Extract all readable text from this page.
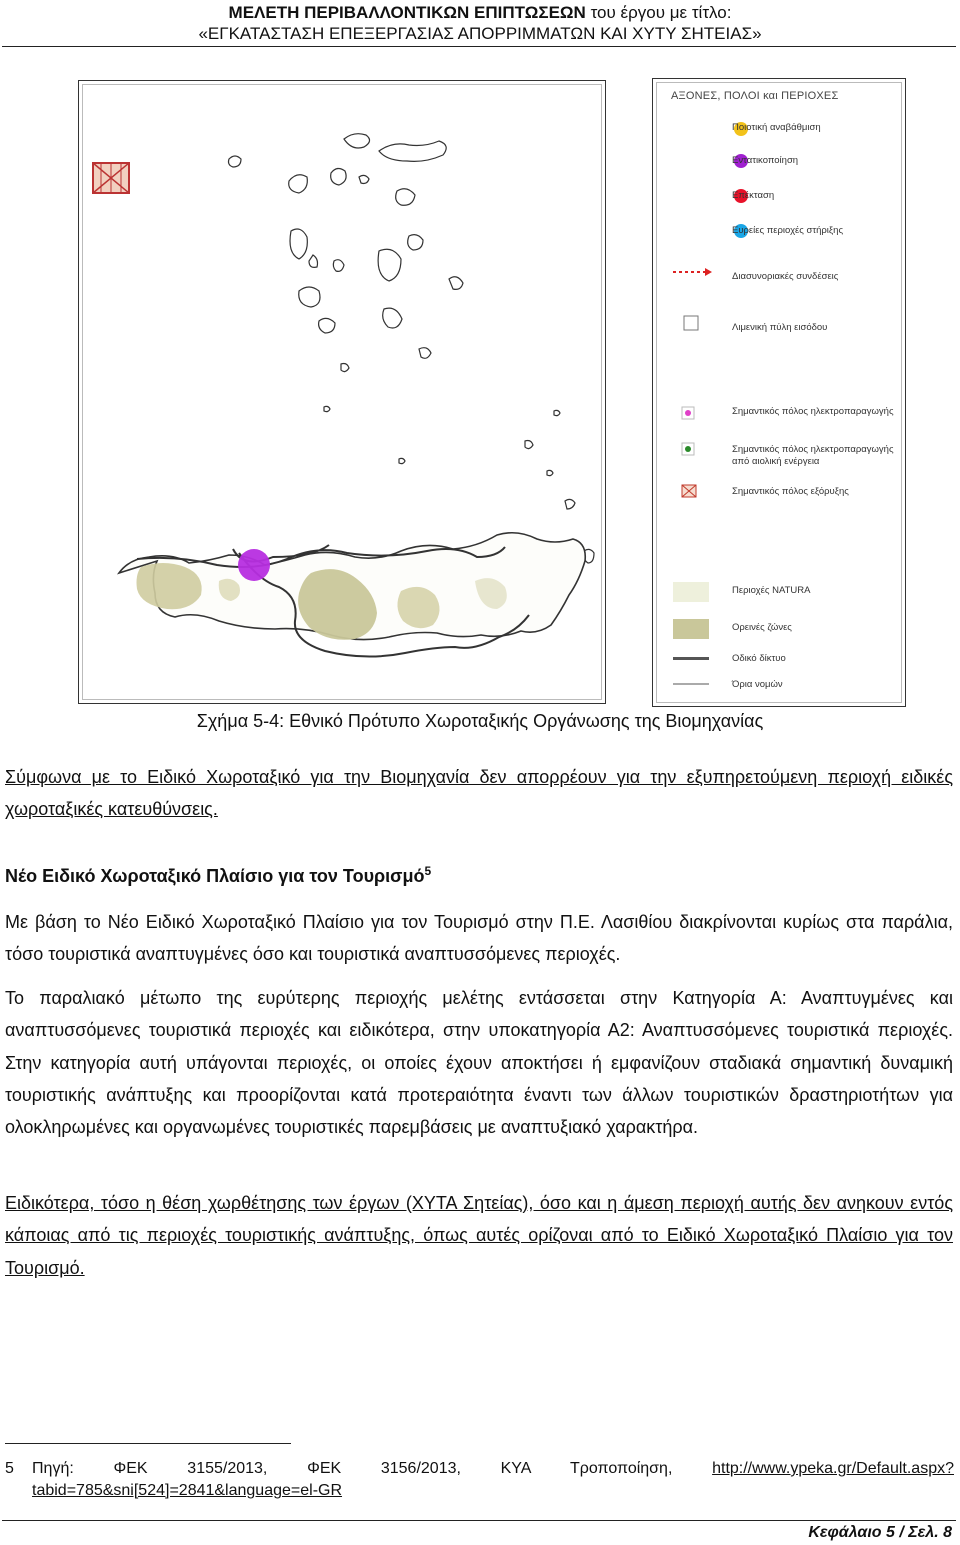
ΜΕΛΕΤΗ ΠΕΡΙΒΑΛΛΟΝΤΙΚΩΝ ΕΠΙΠΤΩΣΕΩΝ του έργου με τίτλο:
«ΕΓΚΑΤΑΣΤΑΣΗ ΕΠΕΞΕΡΓΑΣΙΑΣ ΑΠΟΡΡΙΜΜΑΤΩΝ ΚΑΙ ΧΥΤΥ ΣΗΤΕΙΑΣ»
ΑΞΟΝΕΣ, ΠΟΛΟΙ και ΠΕΡΙΟΧΕΣ
Ποιοτική αναβάθμιση
Εντατικοποίηση
Επέκταση
Ευρείες περιοχές στήριξης
Διασυνοριακές συνδέσεις
Λιμενική πύλη εισόδου
Σημαντικός πόλος ηλεκτροπαραγωγής
Σημαντικός πόλος ηλεκτροπαραγωγής
από αιολική ενέργεια
Σημαντικός πόλος εξόρυξης
Περιοχές NATURA
Ορεινές ζώνες
Οδικό δίκτυο
Όρια νομών
Σχήμα 5-4: Εθνικό Πρότυπο Χωροταξικής Οργάνωσης της Βιομηχανίας
Σύμφωνα με το Ειδικό Χωροταξικό για την Βιομηχανία δεν απορρέουν για την εξυπηρετούμενη περιοχή ειδικές χωροταξικές κατευθύνσεις.
Νέο Ειδικό Χωροταξικό Πλαίσιο για τον Τουρισμό$^5$
Με βάση το Νέο Ειδικό Χωροταξικό Πλαίσιο για τον Τουρισμό στην Π.Ε. Λασιθίου διακρίνονται κυρίως στα παράλια, τόσο τουριστικά αναπτυγμένες όσο και τουριστικά αναπτυσσόμενες περιοχές.
Το παραλιακό μέτωπο της ευρύτερης περιοχής μελέτης εντάσσεται στην Κατηγορία Α: Αναπτυγμένες και αναπτυσσόμενες τουριστικά περιοχές και ειδικότερα, στην υποκατηγορία Α2: Αναπτυσσόμενες τουριστικά περιοχές. Στην κατηγορία αυτή υπάγονται περιοχές, οι οποίες έχουν αποκτήσει ή εμφανίζουν σταδιακά σημαντική δυναμική τουριστικής ανάπτυξης και προορίζονται κατά προτεραιότητα έναντι των άλλων τουριστικών δραστηριοτήτων για ολοκληρωμένες και οργανωμένες τουριστικές παρεμβάσεις με αναπτυξιακό χαρακτήρα.
Ειδικότερα, τόσο η θέση χωρθέτησης των έργων (ΧΥΤΑ Σητείας), όσο και η άμεση περιοχή αυτής δεν ανηκουν εντός κάποιας από τις περιοχές τουριστικής ανάπτυξης, όπως αυτές ορίζοναι από το Ειδικό Χωροταξικό Πλαίσιο για τον Τουρισμό.
5 Πηγή: ΦΕΚ 3155/2013, ΦΕΚ 3156/2013, ΚΥΑ Τροποποίηση, http://www.ypeka.gr/Default.aspx?tabid=785&sni[524]=2841&language=el-GR
Κεφάλαιο 5 / Σελ. 8
